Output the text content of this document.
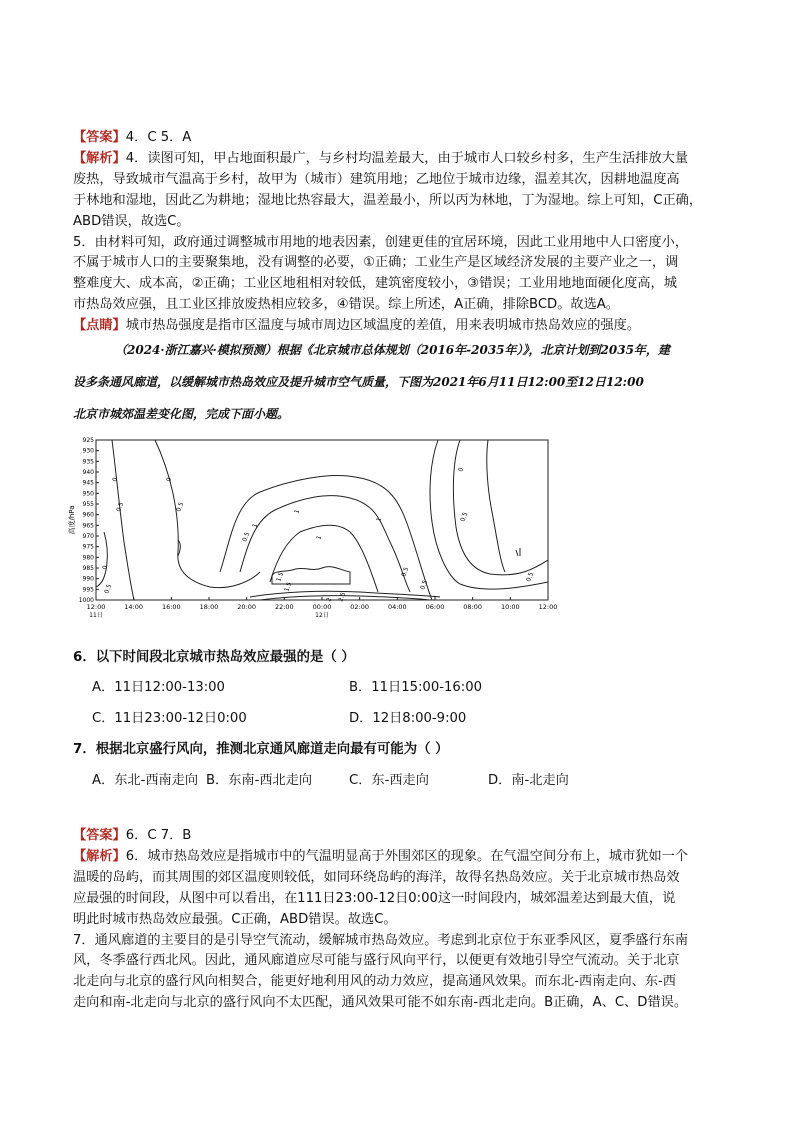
【答案】4．C 5．A

【解析】4．读图可知，甲占地面积最广，与乡村均温差最大，由于城市人口较乡村多，生产生活排放大量

废热，导致城市气温高于乡村，故甲为（城市）建筑用地；乙地位于城市边缘，温差其次，因耕地温度高

于林地和湿地，因此乙为耕地；湿地比热容最大，温差最小，所以丙为林地，丁为湿地。综上可知，C正确，

ABD错误，故选C。

5．由材料可知，政府通过调整城市用地的地表因素，创建更佳的宜居环境，因此工业用地中人口密度小，

不属于城市人口的主要聚集地，没有调整的必要，①正确；工业生产是区域经济发展的主要产业之一，调

整难度大、成本高，②正确；工业区地租相对较低，建筑密度较小，③错误；工业用地地面硬化度高，城

市热岛效应强，且工业区排放废热相应较多，④错误。综上所述，A正确，排除BCD。故选A。

【点睛】城市热岛强度是指市区温度与城市周边区域温度的差值，用来表明城市热岛效应的强度。

（2024·浙江嘉兴·模拟预测）根据《北京城市总体规划（2016年-2035年）》，北京计划到2035年，建

设多条通风廊道，以缓解城市热岛效应及提升城市空气质量，下图为2021年6月11日12:00至12日12:00

北京市城郊温差变化图，完成下面小题。

高度/hPa
925
930
935
940
945
950
955
960
965
970
975
980
985
990
995
1000
12:00	14:00	16:00	18:00	20:00	22:00	00:00	02:00	04:00	06:00	08:00	10:00	12:00
11日	12日
0
0.5
0
0.5
0
0.5
0.5
1
1
1
1.5
1.5
1
0.5
0.5
2 2.5
0
0.5
0.5
6．以下时间段北京城市热岛效应最强的是（ ）
A．11日12:00-13:00	B．11日15:00-16:00
C．11日23:00-12日0:00	D．12日8:00-9:00
7．根据北京盛行风向，推测北京通风廊道走向最有可能为（ ）
A．东北-西南走向 B．东南-西北走向	C．东-西走向	D．南-北走向

【答案】6．C 7．B

【解析】6．城市热岛效应是指城市中的气温明显高于外围郊区的现象。在气温空间分布上，城市犹如一个

温暖的岛屿，而其周围的郊区温度则较低，如同环绕岛屿的海洋，故得名热岛效应。关于北京城市热岛效

应最强的时间段，从图中可以看出，在111日23:00-12日0:00这一时间段内，城郊温差达到最大值，说

明此时城市热岛效应最强。C正确，ABD错误。故选C。

7．通风廊道的主要目的是引导空气流动，缓解城市热岛效应。考虑到北京位于东亚季风区，夏季盛行东南

风，冬季盛行西北风。因此，通风廊道应尽可能与盛行风向平行，以便更有效地引导空气流动。关于北京

北走向与北京的盛行风向相契合，能更好地利用风的动力效应，提高通风效果。而东北-西南走向、东-西

走向和南-北走向与北京的盛行风向不太匹配，通风效果可能不如东南-西北走向。B正确，A、C、D错误。
